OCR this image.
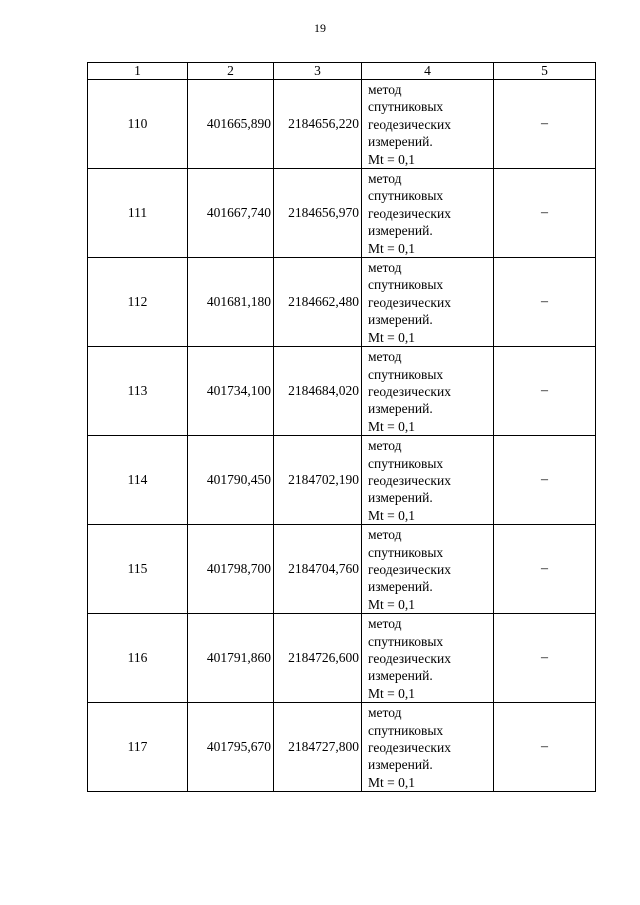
19
1	2	3	4	5
110	401665,890	2184656,220	метод
спутниковых
геодезических
измерений.
Mt = 0,1	–
111	401667,740	2184656,970	метод
спутниковых
геодезических
измерений.
Mt = 0,1	–
112	401681,180	2184662,480	метод
спутниковых
геодезических
измерений.
Mt = 0,1	–
113	401734,100	2184684,020	метод
спутниковых
геодезических
измерений.
Mt = 0,1	–
114	401790,450	2184702,190	метод
спутниковых
геодезических
измерений.
Mt = 0,1	–
115	401798,700	2184704,760	метод
спутниковых
геодезических
измерений.
Mt = 0,1	–
116	401791,860	2184726,600	метод
спутниковых
геодезических
измерений.
Mt = 0,1	–
117	401795,670	2184727,800	метод
спутниковых
геодезических
измерений.
Mt = 0,1	–
